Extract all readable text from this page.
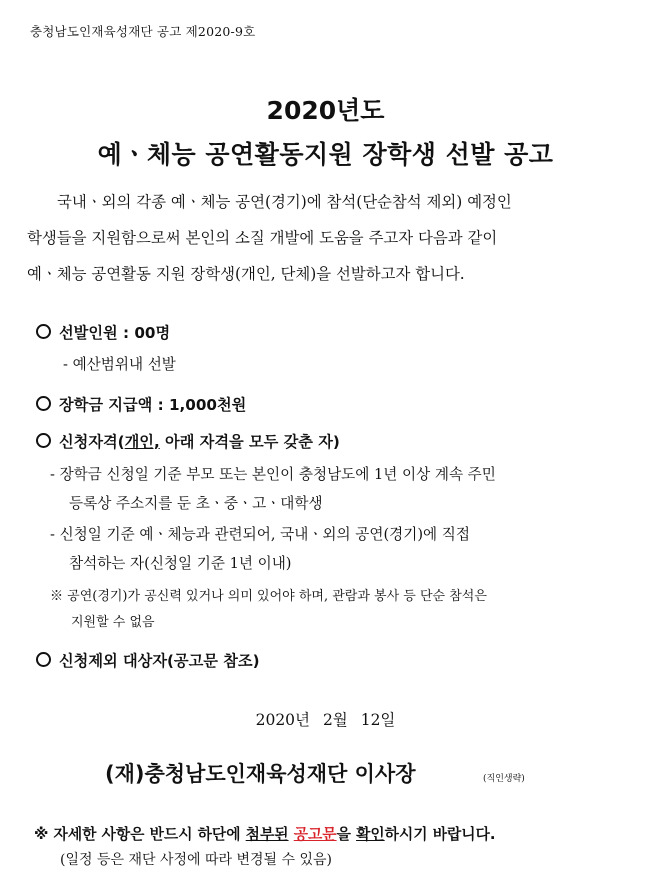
충청남도인재육성재단 공고 제2020-9호
2020년도
예ㆍ체능 공연활동지원 장학생 선발 공고
국내ㆍ외의 각종 예ㆍ체능 공연(경기)에 참석(단순참석 제외) 예정인
학생들을 지원함으로써 본인의 소질 개발에 도움을 주고자 다음과 같이
예ㆍ체능 공연활동 지원 장학생(개인, 단체)을 선발하고자 합니다.
선발인원 : 00명
- 예산범위내 선발
장학금 지급액 : 1,000천원
신청자격(개인, 아래 자격을 모두 갖춘 자)
- 장학금 신청일 기준 부모 또는 본인이 충청남도에 1년 이상 계속 주민
등록상 주소지를 둔 초ㆍ중ㆍ고ㆍ대학생
- 신청일 기준 예ㆍ체능과 관련되어, 국내ㆍ외의 공연(경기)에 직접
참석하는 자(신청일 기준 1년 이내)
※ 공연(경기)가 공신력 있거나 의미 있어야 하며, 관람과 봉사 등 단순 참석은
지원할 수 없음
신청제외 대상자(공고문 참조)
2020년 2월 12일
(재)충청남도인재육성재단 이사장	(직인생략)
※ 자세한 사항은 반드시 하단에 첨부된 공고문을 확인하시기 바랍니다.
(일정 등은 재단 사정에 따라 변경될 수 있음)
